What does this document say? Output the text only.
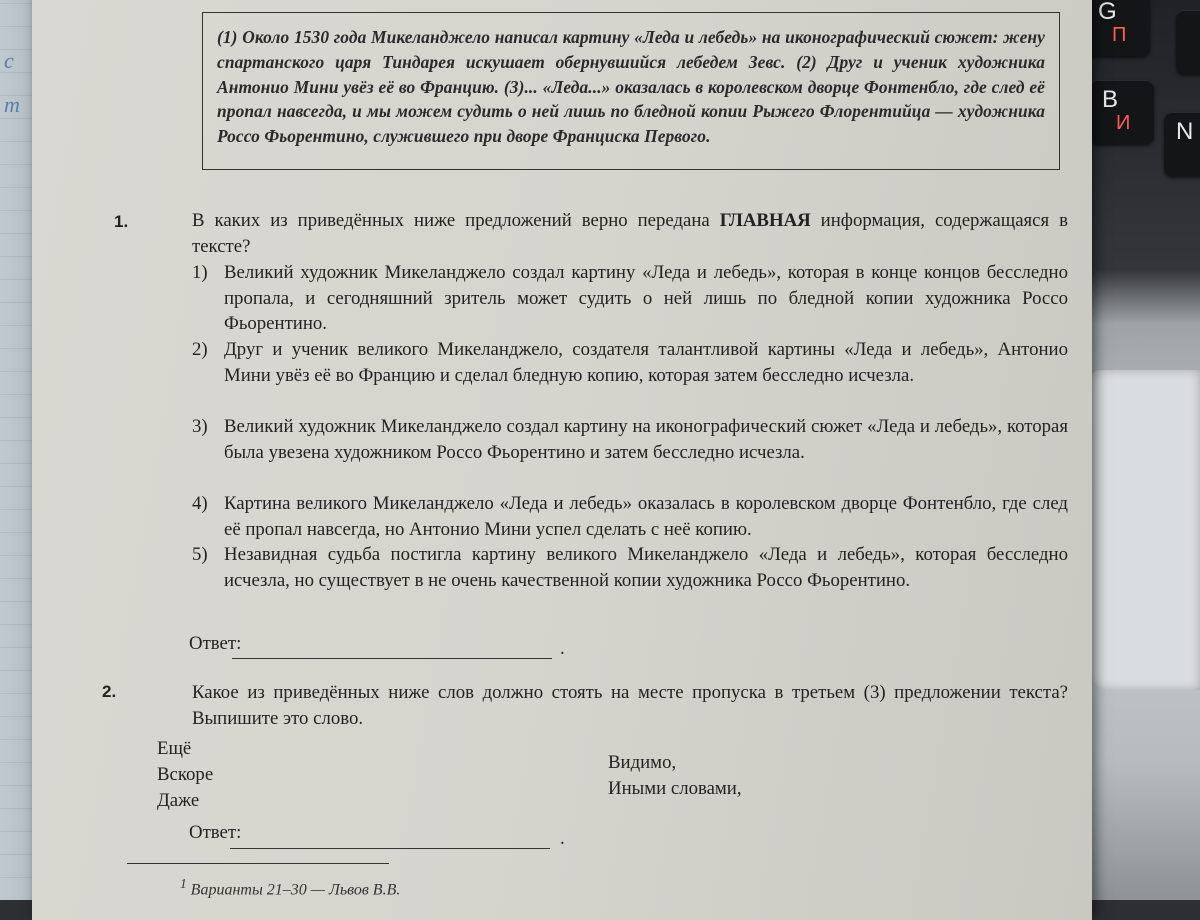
c
m
G
П
B
И N
(1) Около 1530 года Микеланджело написал картину «Леда и лебедь» на иконографический сюжет: жену спартанского царя Тиндарея искушает обернувшийся лебедем Зевс. (2) Друг и ученик художника Антонио Мини увёз её во Францию. (3)... «Леда...» оказалась в королевском дворце Фонтенбло, где след её пропал навсегда, и мы можем судить о ней лишь по бледной копии Рыжего Флорентийца — художника Россо Фьорентино, служившего при дворе Франциска Первого.
1.	В каких из приведённых ниже предложений верно передана ГЛАВНАЯ информация, содержащаяся в тексте?
1) Великий художник Микеланджело создал картину «Леда и лебедь», которая в конце концов бесследно пропала, и сегодняшний зритель может судить о ней лишь по бледной копии художника Россо Фьорентино.
2) Друг и ученик великого Микеланджело, создателя талантливой картины «Леда и лебедь», Антонио Мини увёз её во Францию и сделал бледную копию, которая затем бесследно исчезла.
3) Великий художник Микеланджело создал картину на иконографический сюжет «Леда и лебедь», которая была увезена художником Россо Фьорентино и затем бесследно исчезла.
4) Картина великого Микеланджело «Леда и лебедь» оказалась в королевском дворце Фонтенбло, где след её пропал навсегда, но Антонио Мини успел сделать с неё копию.
5) Незавидная судьба постигла картину великого Микеланджело «Леда и лебедь», которая бесследно исчезла, но существует в не очень качественной копии художника Россо Фьорентино.
Ответ:	.
2.	Какое из приведённых ниже слов должно стоять на месте пропуска в третьем (3) предложении текста? Выпишите это слово.
Ещё
Вскоре
Даже
Видимо,
Иными словами,
Ответ:	.
$^1$ Варианты 21–30 — Львов В.В.
